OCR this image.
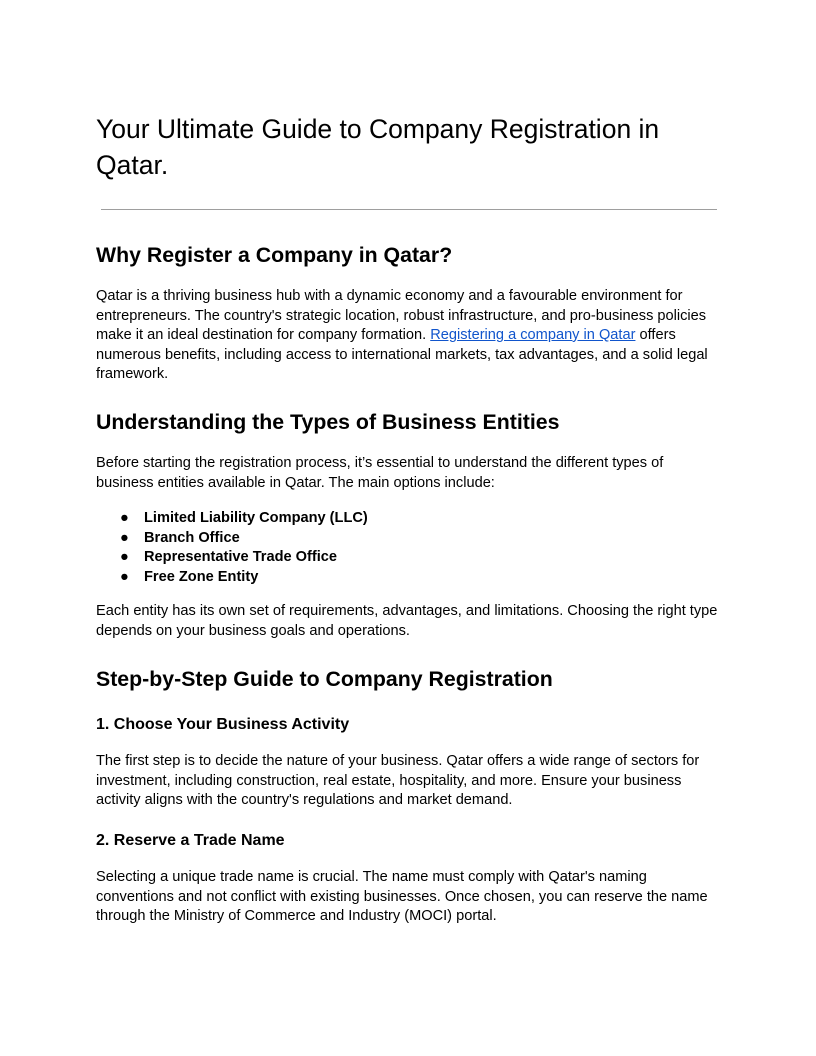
Your Ultimate Guide to Company Registration in Qatar.
Why Register a Company in Qatar?

Qatar is a thriving business hub with a dynamic economy and a favourable environment for entrepreneurs. The country's strategic location, robust infrastructure, and pro-business policies make it an ideal destination for company formation. Registering a company in Qatar offers numerous benefits, including access to international markets, tax advantages, and a solid legal framework.

Understanding the Types of Business Entities

Before starting the registration process, it’s essential to understand the different types of business entities available in Qatar. The main options include:

● Limited Liability Company (LLC)
● Branch Office
● Representative Trade Office
● Free Zone Entity

Each entity has its own set of requirements, advantages, and limitations. Choosing the right type depends on your business goals and operations.

Step-by-Step Guide to Company Registration
1. Choose Your Business Activity

The first step is to decide the nature of your business. Qatar offers a wide range of sectors for investment, including construction, real estate, hospitality, and more. Ensure your business activity aligns with the country's regulations and market demand.

2. Reserve a Trade Name

Selecting a unique trade name is crucial. The name must comply with Qatar's naming conventions and not conflict with existing businesses. Once chosen, you can reserve the name through the Ministry of Commerce and Industry (MOCI) portal.
